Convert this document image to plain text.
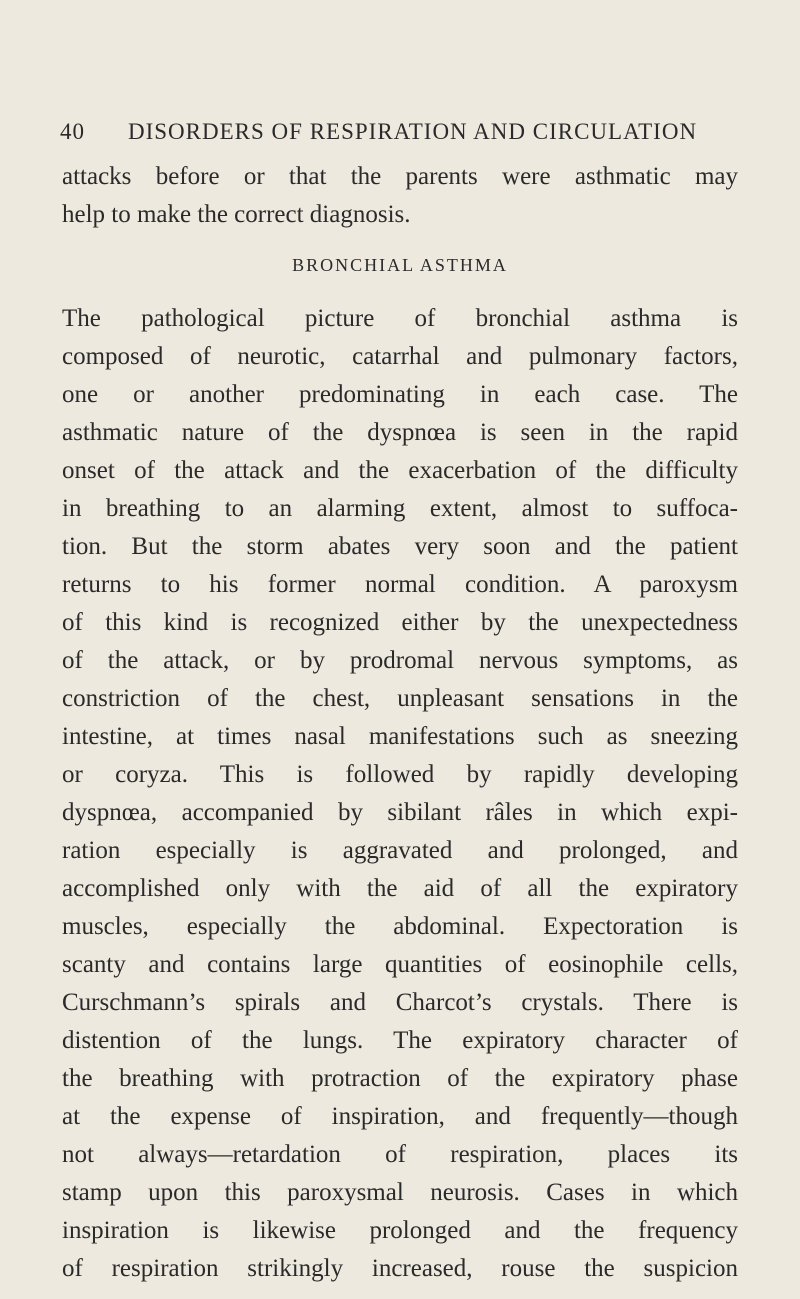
40 DISORDERS OF RESPIRATION AND CIRCULATION
attacks before or that the parents were asthmatic may
help to make the correct diagnosis.
BRONCHIAL ASTHMA
The pathological picture of bronchial asthma is
composed of neurotic, catarrhal and pulmonary factors,
one or another predominating in each case. The
asthmatic nature of the dyspnœa is seen in the rapid
onset of the attack and the exacerbation of the difficulty
in breathing to an alarming extent, almost to suffoca-
tion. But the storm abates very soon and the patient
returns to his former normal condition. A paroxysm
of this kind is recognized either by the unexpectedness
of the attack, or by prodromal nervous symptoms, as
constriction of the chest, unpleasant sensations in the
intestine, at times nasal manifestations such as sneezing
or coryza. This is followed by rapidly developing
dyspnœa, accompanied by sibilant râles in which expi-
ration especially is aggravated and prolonged, and
accomplished only with the aid of all the expiratory
muscles, especially the abdominal. Expectoration is
scanty and contains large quantities of eosinophile cells,
Curschmann’s spirals and Charcot’s crystals. There is
distention of the lungs. The expiratory character of
the breathing with protraction of the expiratory phase
at the expense of inspiration, and frequently—though
not always—retardation of respiration, places its
stamp upon this paroxysmal neurosis. Cases in which
inspiration is likewise prolonged and the frequency
of respiration strikingly increased, rouse the suspicion
